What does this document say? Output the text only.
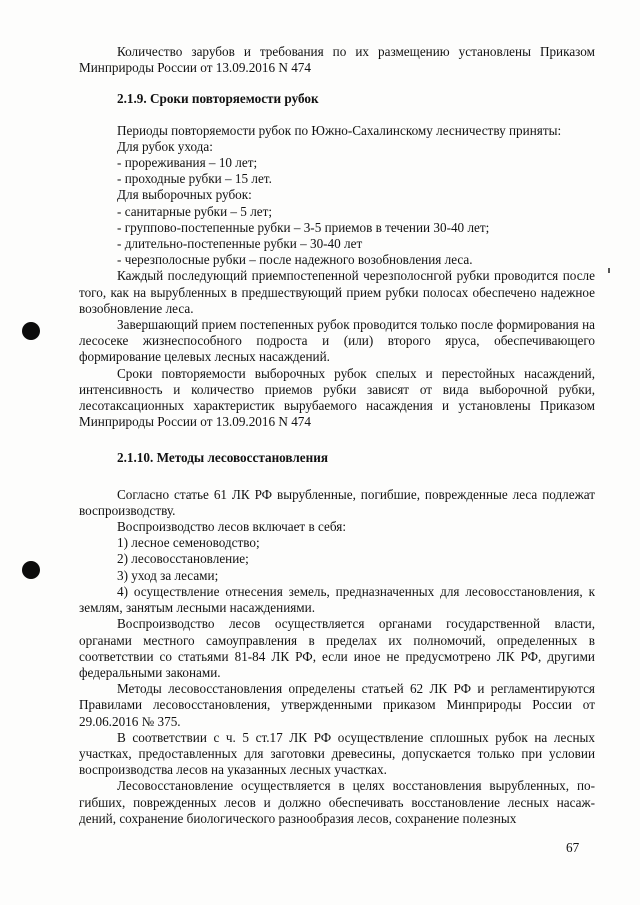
Количество зарубов и требования по их размещению установлены Приказом Минприроды России от 13.09.2016 N 474

2.1.9. Сроки повторяемости рубок

Периоды повторяемости рубок по Южно-Сахалинскому лесничеству приняты:

Для рубок ухода:

- прореживания – 10 лет;

- проходные рубки – 15 лет.

Для выборочных рубок:

- санитарные рубки – 5 лет;

- групповo-постепенные рубки – 3-5 приемов в течении 30-40 лет;

- длительно-постепенные рубки – 30-40 лет

- черезполосные рубки – после надежного возобновления леса.

Каждый последующий приемпостепенной черезполоснгой рубки проводится после того, как на вырубленных в предшествующий прием рубки полосах обеспечено надежное возобновление леса.

Завершающий прием постепенных рубок проводится только после формирования на лесосеке жизнеспособного подроста и (или) второго яруса, обеспечивающего формирование целевых лесных насаждений.

Сроки повторяемости выборочных рубок спелых и перестойных насаждений, интенсивность и количество приемов рубки зависят от вида выборочной рубки, лесотаксационных характеристик вырубаемого насаждения и установлены Приказом Минприроды России от 13.09.2016 N 474

2.1.10. Методы лесовосстановления

Согласно статье 61 ЛК РФ вырубленные, погибшие, поврежденные леса подлежат воспроизводству.

Воспроизводство лесов включает в себя:

1) лесное семеноводство;

2) лесовосстановление;

3) уход за лесами;

4) осуществление отнесения земель, предназначенных для лесовосстановления, к землям, занятым лесными насаждениями.

Воспроизводство лесов осуществляется органами государственной власти, органами местного самоуправления в пределах их полномочий, определенных в соответствии со статьями 81-84 ЛК РФ, если иное не предусмотрено ЛК РФ, другими федеральными законами.

Методы лесовосстановления определены статьей 62 ЛК РФ и регламентируются Правилами лесовосстановления, утвержденными приказом Минприроды России от 29.06.2016 № 375.

В соответствии с ч. 5 ст.17 ЛК РФ осуществление сплошных рубок на лесных участках, предоставленных для заготовки древесины, допускается только при условии воспроизводства лесов на указанных лесных участках.

Лесовосстановление осуществляется в целях восстановления вырубленных, по-гибших, поврежденных лесов и должно обеспечивать восстановление лесных насаж-дений, сохранение биологического разнообразия лесов, сохранение полезных

67
